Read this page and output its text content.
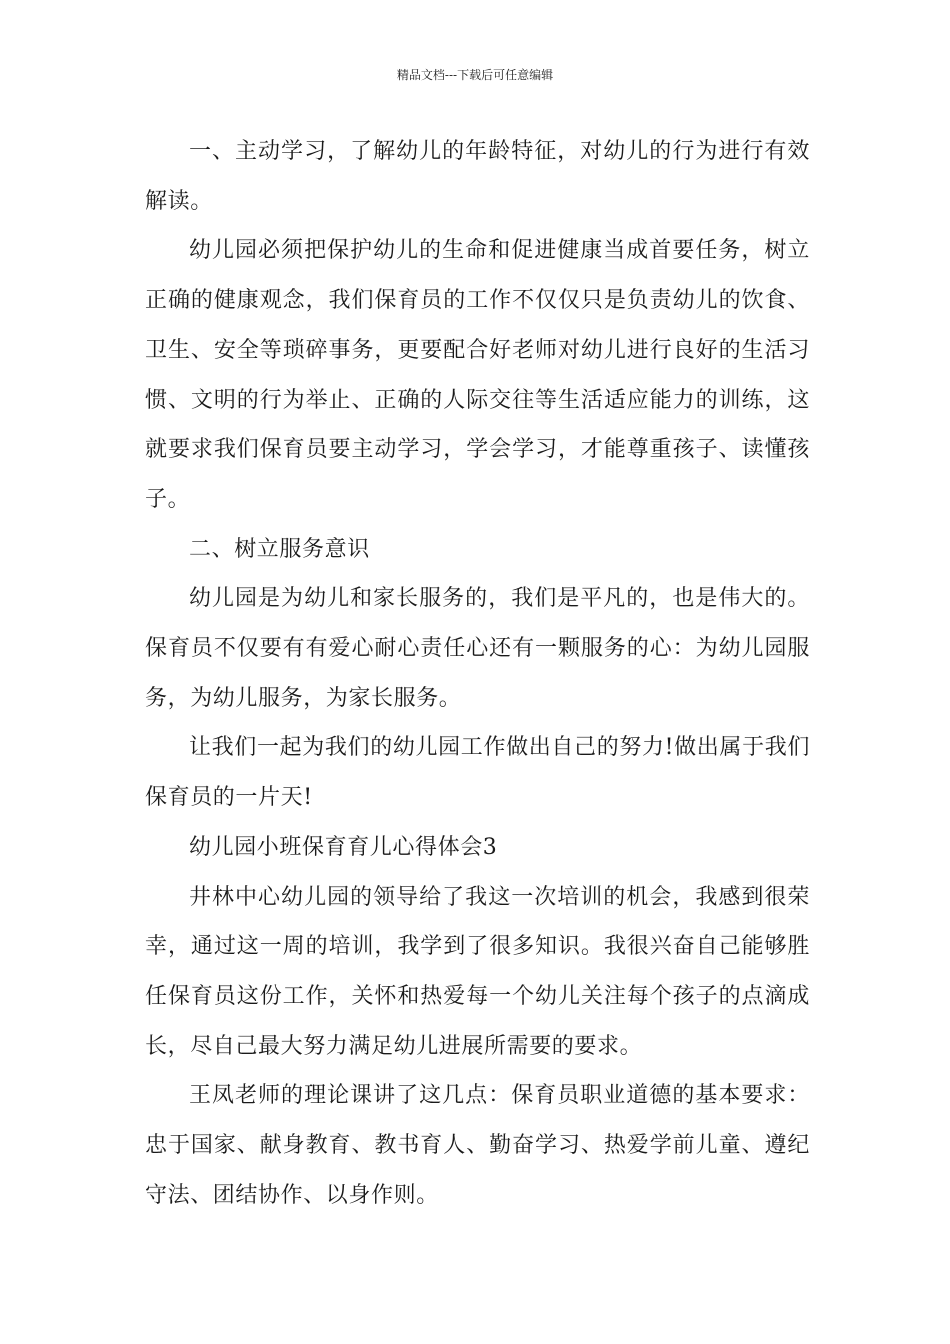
精品文档---下载后可任意编辑

一、主动学习，了解幼儿的年龄特征，对幼儿的行为进行有效解读。

幼儿园必须把保护幼儿的生命和促进健康当成首要任务，树立正确的健康观念，我们保育员的工作不仅仅只是负责幼儿的饮食、卫生、安全等琐碎事务，更要配合好老师对幼儿进行良好的生活习惯、文明的行为举止、正确的人际交往等生活适应能力的训练，这就要求我们保育员要主动学习，学会学习，才能尊重孩子、读懂孩子。

二、树立服务意识

幼儿园是为幼儿和家长服务的，我们是平凡的，也是伟大的。保育员不仅要有有爱心耐心责任心还有一颗服务的心：为幼儿园服务，为幼儿服务，为家长服务。

让我们一起为我们的幼儿园工作做出自己的努力!做出属于我们保育员的一片天!

幼儿园小班保育育儿心得体会3

井林中心幼儿园的领导给了我这一次培训的机会，我感到很荣幸，通过这一周的培训，我学到了很多知识。我很兴奋自己能够胜任保育员这份工作，关怀和热爱每一个幼儿关注每个孩子的点滴成长，尽自己最大努力满足幼儿进展所需要的要求。

王凤老师的理论课讲了这几点：保育员职业道德的基本要求：忠于国家、献身教育、教书育人、勤奋学习、热爱学前儿童、遵纪守法、团结协作、以身作则。
